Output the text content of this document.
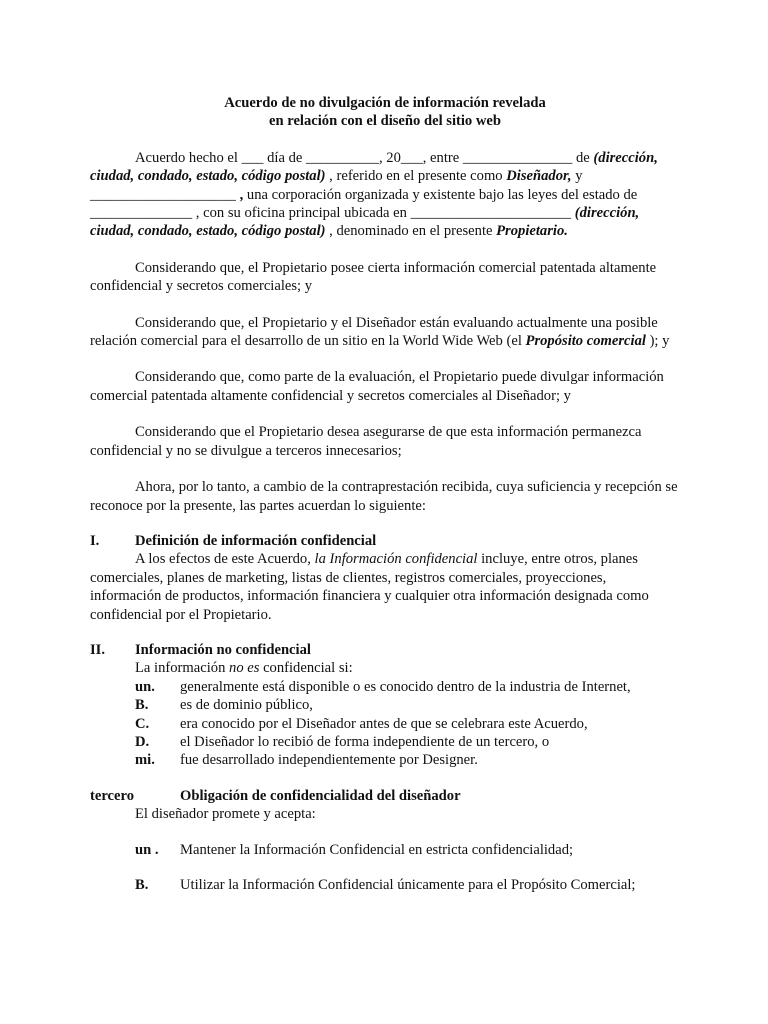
Acuerdo de no divulgación de información revelada
en relación con el diseño del sitio web

Acuerdo hecho el ___ día de __________, 20___, entre _______________ de (dirección, ciudad, condado, estado, código postal) , referido en el presente como Diseñador, y ____________________ , una corporación organizada y existente bajo las leyes del estado de ______________ , con su oficina principal ubicada en ______________________ (dirección, ciudad, condado, estado, código postal) , denominado en el presente Propietario.

Considerando que, el Propietario posee cierta información comercial patentada altamente confidencial y secretos comerciales; y

Considerando que, el Propietario y el Diseñador están evaluando actualmente una posible relación comercial para el desarrollo de un sitio en la World Wide Web (el Propósito comercial ); y

Considerando que, como parte de la evaluación, el Propietario puede divulgar información comercial patentada altamente confidencial y secretos comerciales al Diseñador; y

Considerando que el Propietario desea asegurarse de que esta información permanezca confidencial y no se divulgue a terceros innecesarios;

Ahora, por lo tanto, a cambio de la contraprestación recibida, cuya suficiencia y recepción se reconoce por la presente, las partes acuerdan lo siguiente:

I.	Definición de información confidencial

A los efectos de este Acuerdo, la Información confidencial incluye, entre otros, planes comerciales, planes de marketing, listas de clientes, registros comerciales, proyecciones, información de productos, información financiera y cualquier otra información designada como confidencial por el Propietario.

II.	Información no confidencial
La información no es confidencial si:
un.	generalmente está disponible o es conocido dentro de la industria de Internet,
B.	es de dominio público,
C.	era conocido por el Diseñador antes de que se celebrara este Acuerdo,
D.	el Diseñador lo recibió de forma independiente de un tercero, o
mi.	fue desarrollado independientemente por Designer.
tercero	Obligación de confidencialidad del diseñador
El diseñador promete y acepta:
un .	Mantener la Información Confidencial en estricta confidencialidad;
B.	Utilizar la Información Confidencial únicamente para el Propósito Comercial;
